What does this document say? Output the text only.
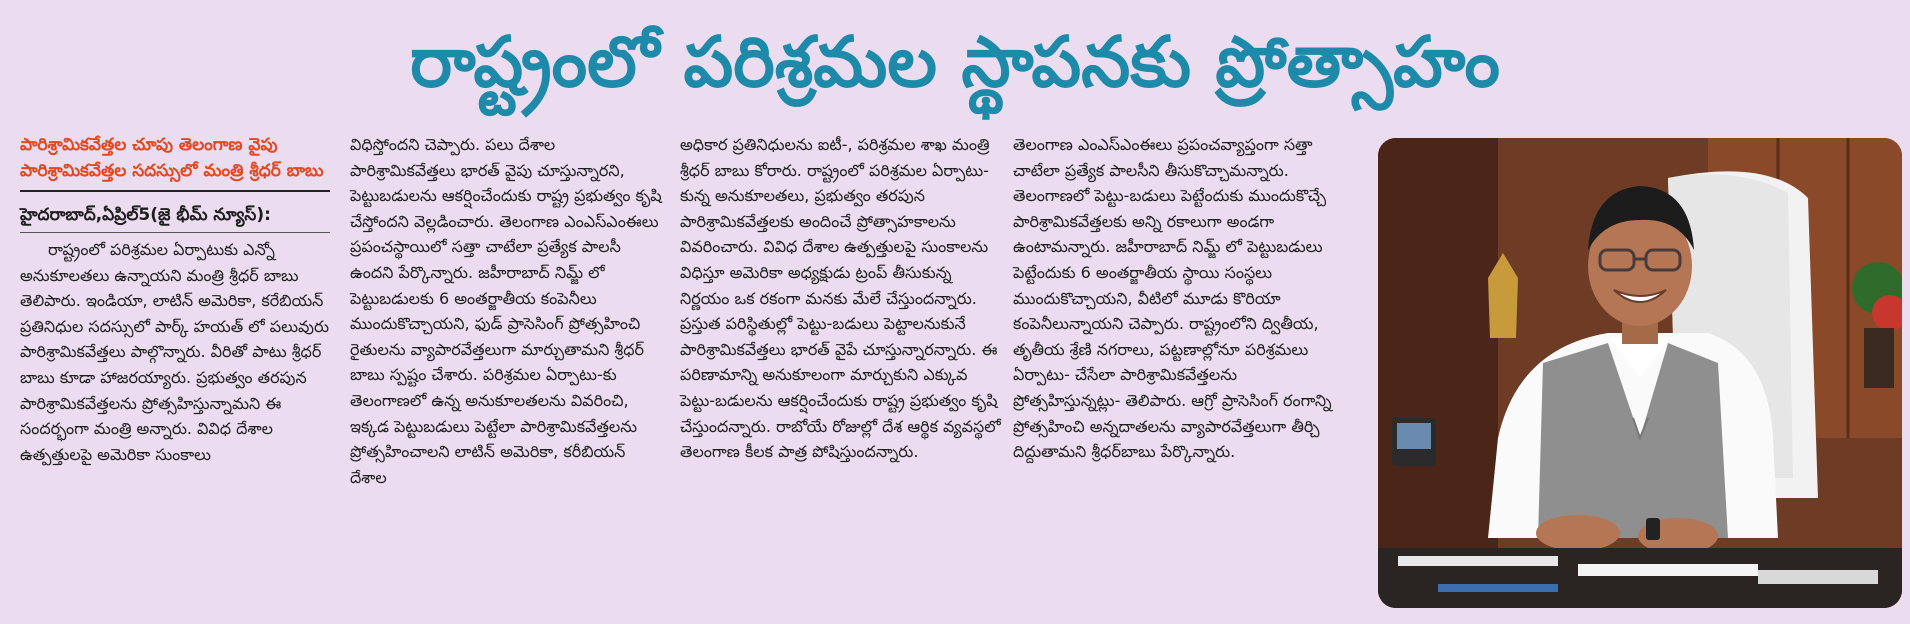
రాష్ట్రంలో పరిశ్రమల స్థాపనకు ప్రోత్సాహం

పారిశ్రామికవేత్తల చూపు తెలంగాణ వైపు

పారిశ్రామికవేత్తల సదస్సులో మంత్రి శ్రీధర్ బాబు

హైదరాబాద్,ఏప్రిల్5(జై భీమ్ న్యూస్):

రాష్ట్రంలో పరిశ్రమల ఏర్పాటుకు ఎన్నో అనుకూలతలు ఉన్నాయని మంత్రి శ్రీధర్ బాబు తెలిపారు. ఇండియా, లాటిన్ అమెరికా, కరేబియన్ ప్రతినిధుల సదస్సులో పార్క్ హయత్ లో పలువురు పారిశ్రామికవేత్తలు పాల్గొన్నారు. వీరితో పాటు శ్రీధర్ బాబు కూడా హాజరయ్యారు. ప్రభుత్వం తరపున పారిశ్రామికవేత్తలను ప్రోత్సహిస్తున్నామని ఈ సందర్భంగా మంత్రి అన్నారు. వివిధ దేశాల ఉత్పత్తులపై అమెరికా సుంకాలు

విధిస్తోందని చెప్పారు. పలు దేశాల పారిశ్రామికవేత్తలు భారత్ వైపు చూస్తున్నారని, పెట్టుబడులను ఆకర్షించేందుకు రాష్ట్ర ప్రభుత్వం కృషి చేస్తోందని వెల్లడించారు. తెలంగాణ ఎంఎస్ఎంఈలు ప్రపంచస్థాయిలో సత్తా చాటేలా ప్రత్యేక పాలసీ ఉందని పేర్కొన్నారు. జహీరాబాద్ నిమ్జ్ లో పెట్టుబడులకు 6 అంతర్జాతీయ కంపెనీలు ముందుకొచ్చాయని, ఫుడ్ ప్రాసెసింగ్ ప్రోత్సహించి రైతులను వ్యాపారవేత్తలుగా మార్చుతామని శ్రీధర్ బాబు స్పష్టం చేశారు. పరిశ్రమల ఏర్పాటు-కు తెలంగాణలో ఉన్న అనుకూలతలను వివరించి, ఇక్కడ పెట్టుబడులు పెట్టేలా పారిశ్రామికవేత్తలను ప్రోత్సహించాలని లాటిన్ అమెరికా, కరీబియన్ దేశాల

అధికార ప్రతినిధులను ఐటీ-, పరిశ్రమల శాఖ మంత్రి శ్రీధర్ బాబు కోరారు. రాష్ట్రంలో పరిశ్రమల ఏర్పాటు-కున్న అనుకూలతలు, ప్రభుత్వం తరపున పారిశ్రామికవేత్తలకు అందించే ప్రోత్సాహకాలను వివరించారు. వివిధ దేశాల ఉత్పత్తులపై సుంకాలను విధిస్తూ అమెరికా అధ్యక్షుడు ట్రంప్ తీసుకున్న నిర్ణయం ఒక రకంగా మనకు మేలే చేస్తుందన్నారు. ప్రస్తుత పరిస్థితుల్లో పెట్టు-బడులు పెట్టాలనుకునే పారిశ్రామికవేత్తలు భారత్ వైపే చూస్తున్నారన్నారు. ఈ పరిణామాన్ని అనుకూలంగా మార్చుకుని ఎక్కువ పెట్టు-బడులను ఆకర్షించేందుకు రాష్ట్ర ప్రభుత్వం కృషి చేస్తుందన్నారు. రాబోయే రోజుల్లో దేశ ఆర్థిక వ్యవస్థలో తెలంగాణ కీలక పాత్ర పోషిస్తుందన్నారు.

తెలంగాణ ఎంఎస్ఎంఈలు ప్రపంచవ్యాప్తంగా సత్తా చాటేలా ప్రత్యేక పాలసీని తీసుకొచ్చామన్నారు. తెలంగాణలో పెట్టు-బడులు పెట్టేందుకు ముందుకొచ్చే పారిశ్రామికవేత్తలకు అన్ని రకాలుగా అండగా ఉంటామన్నారు. జహీరాబాద్ నిమ్జ్ లో పెట్టుబడులు పెట్టేందుకు 6 అంతర్జాతీయ స్థాయి సంస్థలు ముందుకొచ్చాయని, వీటిలో మూడు కొరియా కంపెనీలున్నాయని చెప్పారు. రాష్ట్రంలోని ద్వితీయ, తృతీయ శ్రేణి నగరాలు, పట్టణాల్లోనూ పరిశ్రమలు ఏర్పాటు- చేసేలా పారిశ్రామికవేత్తలను ప్రోత్సహిస్తున్నట్లు- తెలిపారు. ఆగ్రో ప్రాసెసింగ్ రంగాన్ని ప్రోత్సహించి అన్నదాతలను వ్యాపారవేత్తలుగా తీర్చి దిద్దుతామని శ్రీధర్‌బాబు పేర్కొన్నారు.
